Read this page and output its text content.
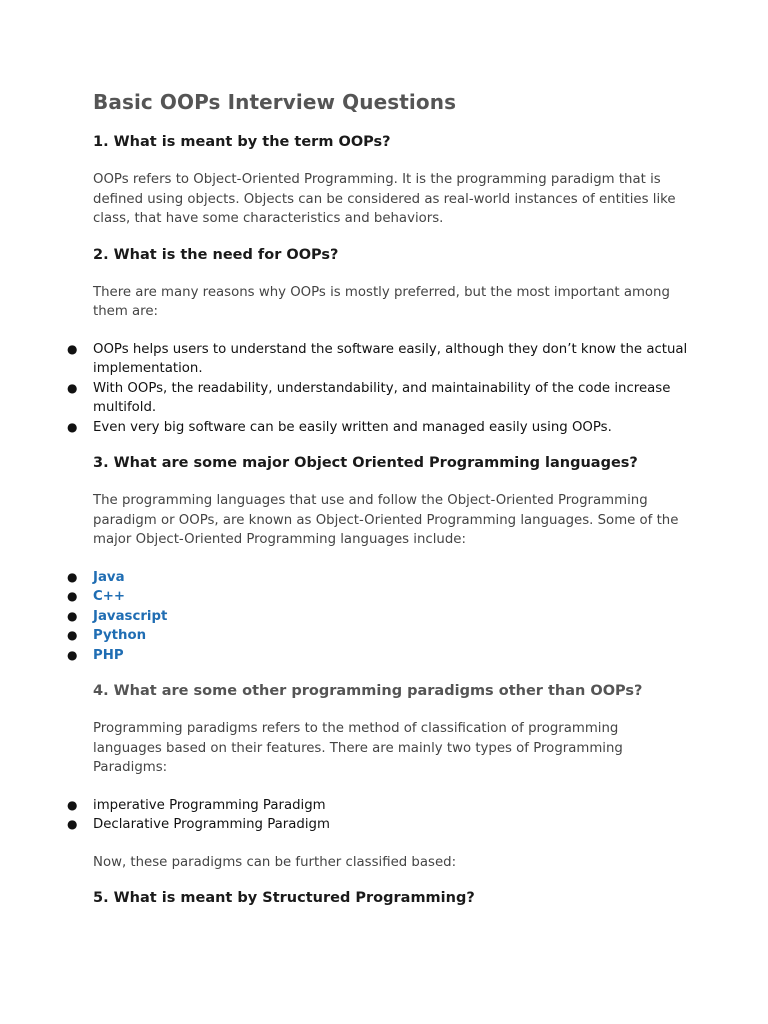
Basic OOPs Interview Questions
1. What is meant by the term OOPs?

OOPs refers to Object-Oriented Programming. It is the programming paradigm that is defined using objects. Objects can be considered as real-world instances of entities like class, that have some characteristics and behaviors.

2. What is the need for OOPs?

There are many reasons why OOPs is mostly preferred, but the most important among them are:

● OOPs helps users to understand the software easily, although they don’t know the actual implementation.
● With OOPs, the readability, understandability, and maintainability of the code increase multifold.
● Even very big software can be easily written and managed easily using OOPs.
3. What are some major Object Oriented Programming languages?

The programming languages that use and follow the Object-Oriented Programming paradigm or OOPs, are known as Object-Oriented Programming languages. Some of the major Object-Oriented Programming languages include:

● Java
● C++
● Javascript
● Python
● PHP
4. What are some other programming paradigms other than OOPs?

Programming paradigms refers to the method of classification of programming languages based on their features. There are mainly two types of Programming Paradigms:

● imperative Programming Paradigm
● Declarative Programming Paradigm

Now, these paradigms can be further classified based:

5. What is meant by Structured Programming?
